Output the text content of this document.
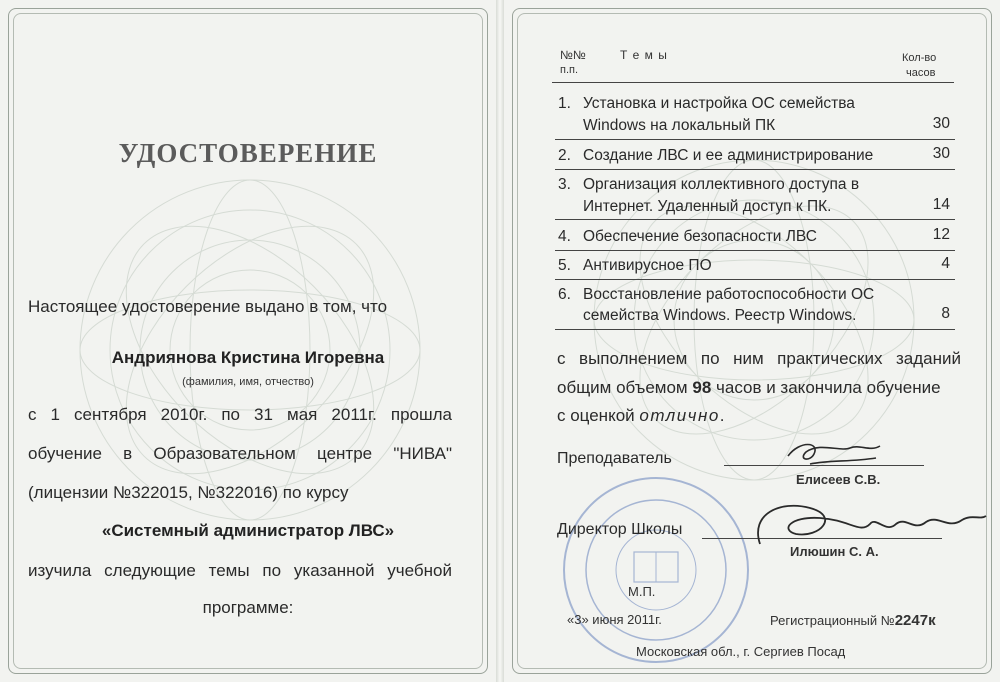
УДОСТОВЕРЕНИЕ
Настоящее удостоверение выдано в том, что
Андриянова Кристина Игоревна
(фамилия, имя, отчество)
с 1 сентября 2010г. по 31 мая 2011г. прошла
обучение в Образовательном центре "НИВА"
(лицензии №322015, №322016) по курсу
«Системный администратор ЛВС»
изучила следующие темы по указанной учебной
программе:
№№
п.п.
Т е м ы	Кол-во
часов
1. Установка и настройка ОС семейства
Windows на локальный ПК	30
2. Создание ЛВС и ее администрирование	30
3. Организация коллективного доступа в
Интернет. Удаленный доступ к ПК.	14
4. Обеспечение безопасности ЛВС	12
5. Антивирусное ПО	4
6. Восстановление работоспособности ОС
семейства Windows. Реестр Windows.	8
с выполнением по ним практических заданий
общим объемом 98 часов и закончила обучение
с оценкой отлично.
Преподаватель
Елисеев С.В.
Директор Школы
Илюшин С. А.
М.П.
«3» июня 2011г.	Регистрационный №2247к
Московская обл., г. Сергиев Посад
